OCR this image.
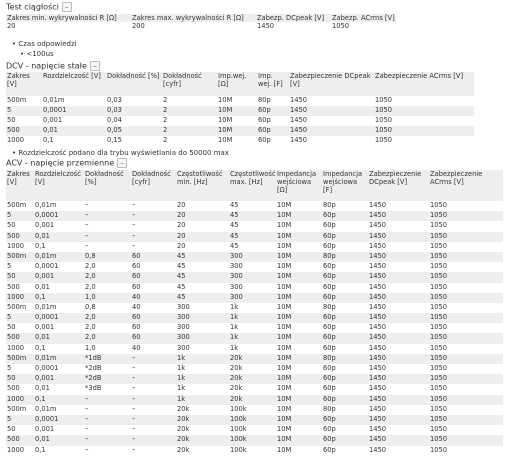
Test ciągłości –
Zakres min. wykrywalności R [Ω]	Zakres max. wykrywalności R [Ω]	Zabezp. DCpeak [V]	Zabezp. ACrms [V]
20	200	1450	1050
• Czas odpowiedzi
• <100us
DCV - napięcie stałe –
Zakres [V]	Rozdzielczość [V]	Dokładność [%]	Dokładność [cyfr]	Imp.wej. [Ω]	Imp. wej. [F]	Zabezpieczenie DCpeak [V]	Zabezpieczenie ACrms [V]
500m	0,01m	0,03	2	10M	80p	1450	1050
5	0,0001	0,03	2	10M	60p	1450	1050
50	0,001	0,04	2	10M	60p	1450	1050
500	0,01	0,05	2	10M	60p	1450	1050
1000	0,1	0,15	2	10M	60p	1450	1050
• Rozdzielczość podano dla trybu wyświetlania do 50000 max
ACV - napięcie przemienne –
Zakres [V]	Rozdzielczość [V]	Dokładność [%]	Dokładność [cyfr]	Częstotliwość min. [Hz]	Częstotliwość max. [Hz]	Impedancja wejściowa [Ω]	Impedancja wejściowa [F]	Zabezpieczenie DCpeak [V]	Zabezpieczenie ACrms [V]
500m	0,01m	–	–	20	45	10M	80p	1450	1050
5	0,0001	–	–	20	45	10M	60p	1450	1050
50	0,001	–	–	20	45	10M	60p	1450	1050
500	0,01	–	–	20	45	10M	60p	1450	1050
1000	0,1	–	–	20	45	10M	60p	1450	1050
500m	0,01m	0,8	60	45	300	10M	80p	1450	1050
5	0,0001	2,0	60	45	300	10M	60p	1450	1050
50	0,001	2,0	60	45	300	10M	60p	1450	1050
500	0,01	2,0	60	45	300	10M	60p	1450	1050
1000	0,1	1,0	40	45	300	10M	60p	1450	1050
500m	0,01m	0,8	40	300	1k	10M	80p	1450	1050
5	0,0001	2,0	60	300	1k	10M	60p	1450	1050
50	0,001	2,0	60	300	1k	10M	60p	1450	1050
500	0,01	2,0	60	300	1k	10M	60p	1450	1050
1000	0,1	1,0	40	300	1k	10M	60p	1450	1050
500m	0,01m	*1dB	–	1k	20k	10M	80p	1450	1050
5	0,0001	*2dB	–	1k	20k	10M	60p	1450	1050
50	0,001	*2dB	–	1k	20k	10M	60p	1450	1050
500	0,01	*3dB	–	1k	20k	10M	60p	1450	1050
1000	0,1	–	–	1k	20k	10M	60p	1450	1050
500m	0,01m	–	–	20k	100k	10M	80p	1450	1050
5	0,0001	–	–	20k	100k	10M	60p	1450	1050
50	0,001	–	–	20k	100k	10M	60p	1450	1050
500	0,01	–	–	20k	100k	10M	60p	1450	1050
1000	0,1	–	–	20k	100k	10M	60p	1450	1050
